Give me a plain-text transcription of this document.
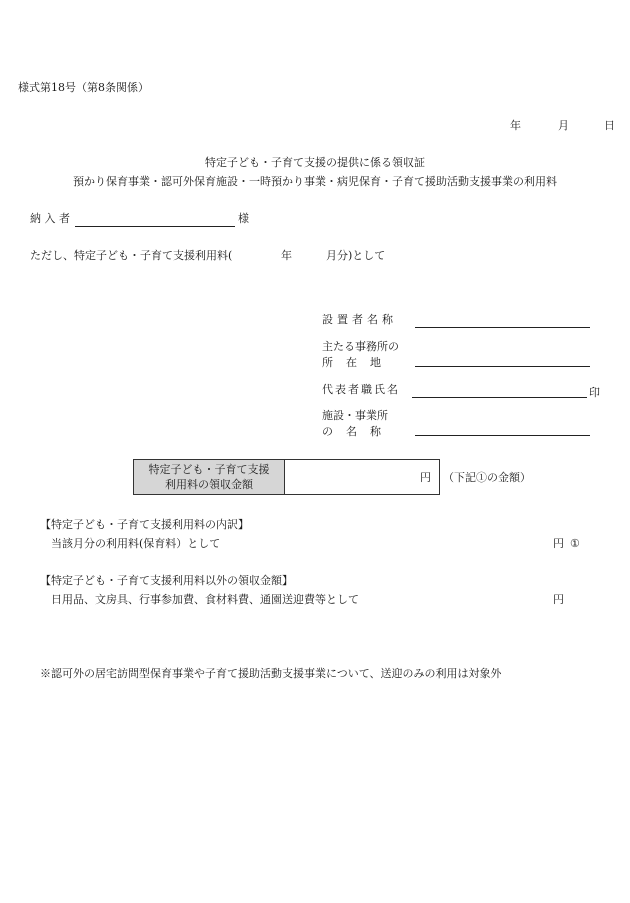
様式第18号（第8条関係）
年	月	日
特定子ども・子育て支援の提供に係る領収証
預かり保育事業・認可外保育施設・一時預かり事業・病児保育・子育て援助活動支援事業の利用料
納 入 者	様
ただし、特定子ども・子育て支援利用料(	年	月分)として
設置者名称
主たる事務所の
所在地
代表者職氏名	印
施設・事業所
の名称
特定子ども・子育て支援
利用料の領収金額
円 （下記①の金額）
【特定子ども・子育て支援利用料の内訳】
当該月分の利用料(保育料）として	円 ①
【特定子ども・子育て支援利用料以外の領収金額】
日用品、文房具、行事参加費、食材料費、通園送迎費等として	円
※認可外の居宅訪問型保育事業や子育て援助活動支援事業について、送迎のみの利用は対象外
